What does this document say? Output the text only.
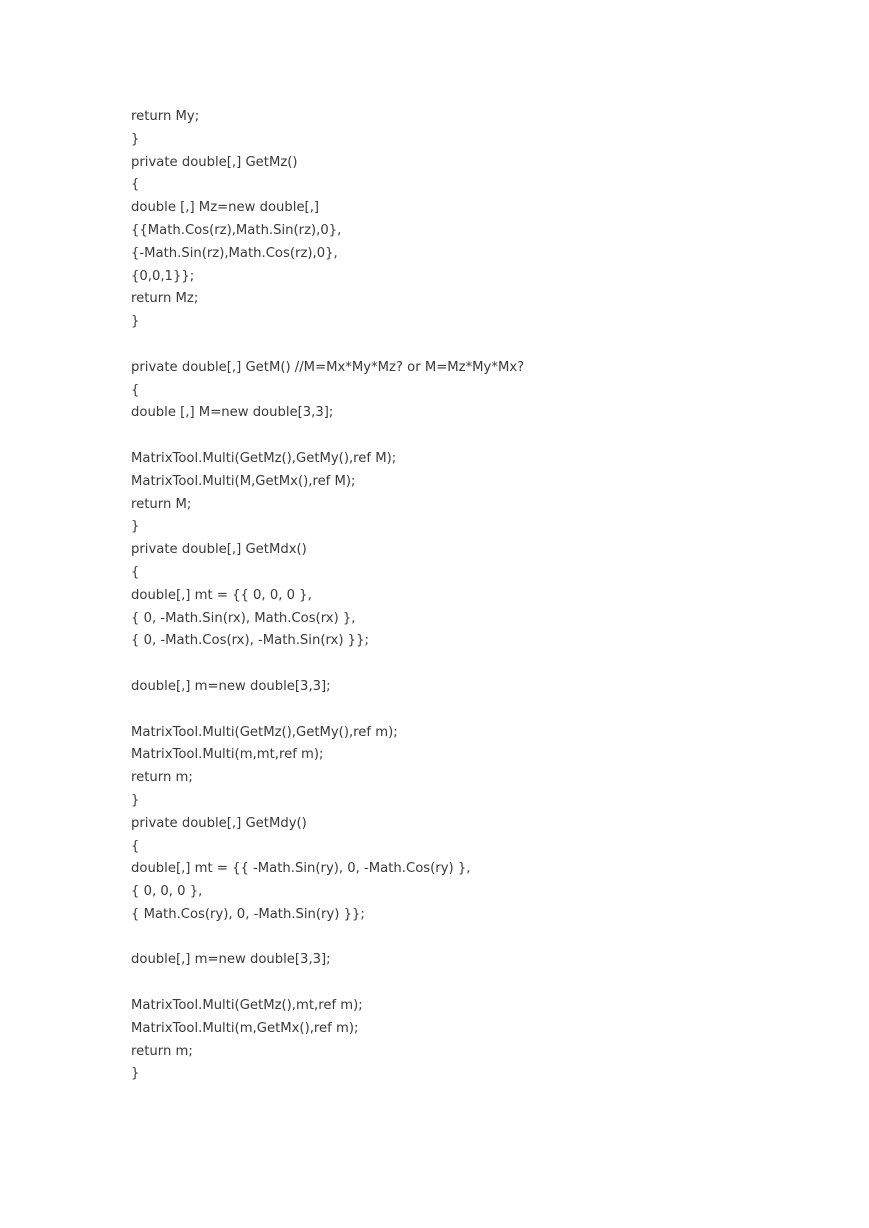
return My;
}
private double[,] GetMz()
{
double [,] Mz=new double[,]
{{Math.Cos(rz),Math.Sin(rz),0},
{-Math.Sin(rz),Math.Cos(rz),0},
{0,0,1}};
return Mz;
}
private double[,] GetM() //M=Mx*My*Mz? or M=Mz*My*Mx?
{
double [,] M=new double[3,3];
MatrixTool.Multi(GetMz(),GetMy(),ref M);
MatrixTool.Multi(M,GetMx(),ref M);
return M;
}
private double[,] GetMdx()
{
double[,] mt = {{ 0, 0, 0 },
{ 0, -Math.Sin(rx), Math.Cos(rx) },
{ 0, -Math.Cos(rx), -Math.Sin(rx) }};
double[,] m=new double[3,3];
MatrixTool.Multi(GetMz(),GetMy(),ref m);
MatrixTool.Multi(m,mt,ref m);
return m;
}
private double[,] GetMdy()
{
double[,] mt = {{ -Math.Sin(ry), 0, -Math.Cos(ry) },
{ 0, 0, 0 },
{ Math.Cos(ry), 0, -Math.Sin(ry) }};
double[,] m=new double[3,3];
MatrixTool.Multi(GetMz(),mt,ref m);
MatrixTool.Multi(m,GetMx(),ref m);
return m;
}
